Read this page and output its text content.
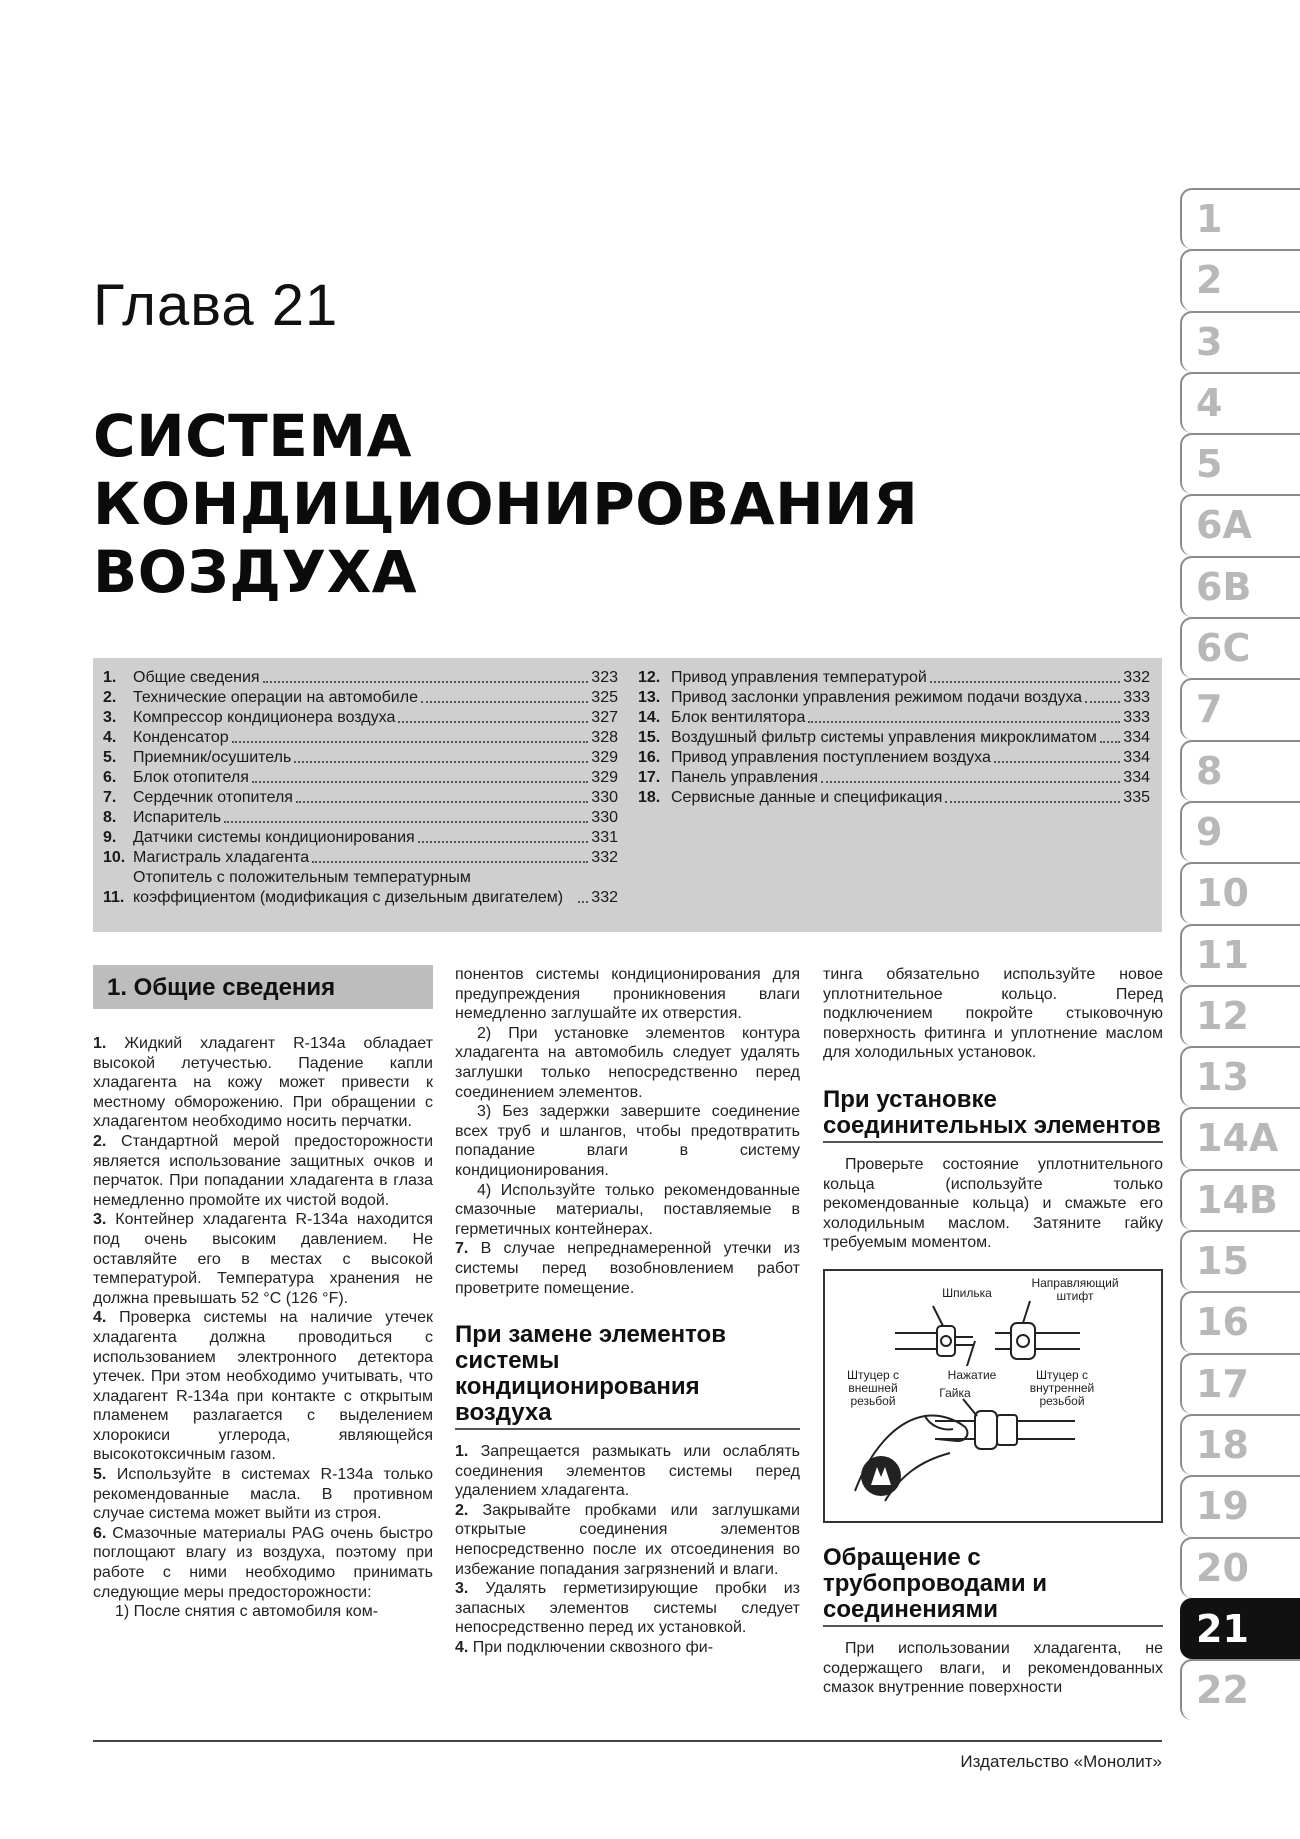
Глава 21
СИСТЕМА
КОНДИЦИОНИРОВАНИЯ
ВОЗДУХА
1.	Общие сведения	323
2.	Технические операции на автомобиле	325
3.	Компрессор кондиционера воздуха	327
4.	Конденсатор	328
5.	Приемник/осушитель	329
6.	Блок отопителя	329
7.	Сердечник отопителя	330
8.	Испаритель	330
9.	Датчики системы кондиционирования	331
10. Магистраль хладагента	332
11.
Отопитель с положительным температурным коэффициентом (модификация с дизельным двигателем)	332
12. Привод управления температурой	332
13. Привод заслонки управления режимом подачи воздуха	333
14. Блок вентилятора	333
15. Воздушный фильтр системы управления микроклиматом 334
16. Привод управления поступлением воздуха	334
17. Панель управления	334
18. Сервисные данные и спецификация	335
1
2
3
4
5
6A
6B
6C
7
8
9
10
11
12
13
14A
14B
15
16
17
18
19
20
21
22
1. Общие сведения

1. Жидкий хладагент R-134a обладает высокой летучестью. Падение капли хладагента на кожу может привести к местному обморожению. При обращении с хладагентом необходимо носить перчатки.

2. Стандартной мерой предосторожности является использование защитных очков и перчаток. При попадании хладагента в глаза немедленно промойте их чистой водой.

3. Контейнер хладагента R-134a находится под очень высоким давлением. Не оставляйте его в местах с высокой температурой. Температура хранения не должна превышать 52 °С (126 °F).

4. Проверка системы на наличие утечек хладагента должна проводиться с использованием электронного детектора утечек. При этом необходимо учитывать, что хладагент R-134a при контакте с открытым пламенем разлагается с выделением хлорокиси углерода, являющейся высокотоксичным газом.

5. Используйте в системах R-134a только рекомендованные масла. В противном случае система может выйти из строя.

6. Смазочные материалы PAG очень быстро поглощают влагу из воздуха, поэтому при работе с ними необходимо принимать следующие меры предосторожности:

1) После снятия с автомобиля ком-

понентов системы кондиционирования для предупреждения проникновения влаги немедленно заглушайте их отверстия.

2) При установке элементов контура хладагента на автомобиль следует удалять заглушки только непосредственно перед соединением элементов.

3) Без задержки завершите соединение всех труб и шлангов, чтобы предотвратить попадание влаги в систему кондиционирования.

4) Используйте только рекомендованные смазочные материалы, поставляемые в герметичных контейнерах.

7. В случае непреднамеренной утечки из системы перед возобновлением работ проветрите помещение.

При замене элементов системы кондиционирования воздуха

1. Запрещается размыкать или ослаблять соединения элементов системы перед удалением хладагента.

2. Закрывайте пробками или заглушками открытые соединения элементов непосредственно после их отсоединения во избежание попадания загрязнений и влаги.

3. Удалять герметизирующие пробки из запасных элементов системы следует непосредственно перед их установкой.

4. При подключении сквозного фи-

тинга обязательно используйте новое уплотнительное кольцо. Перед подключением покройте стыковочную поверхность фитинга и уплотнение маслом для холодильных установок.

При установке соединительных элементов

Проверьте состояние уплотнительного кольца (используйте только рекомендованные кольца) и смажьте его холодильным маслом. Затяните гайку требуемым моментом.

Шпилька
Направляющий штифт
Штуцер с внешней резьбой
Нажатие	Штуцер с внутренней резьбой
Гайка
Обращение с трубопроводами и соединениями

При использовании хладагента, не содержащего влаги, и рекомендованных смазок внутренние поверхности

Издательство «Монолит»
